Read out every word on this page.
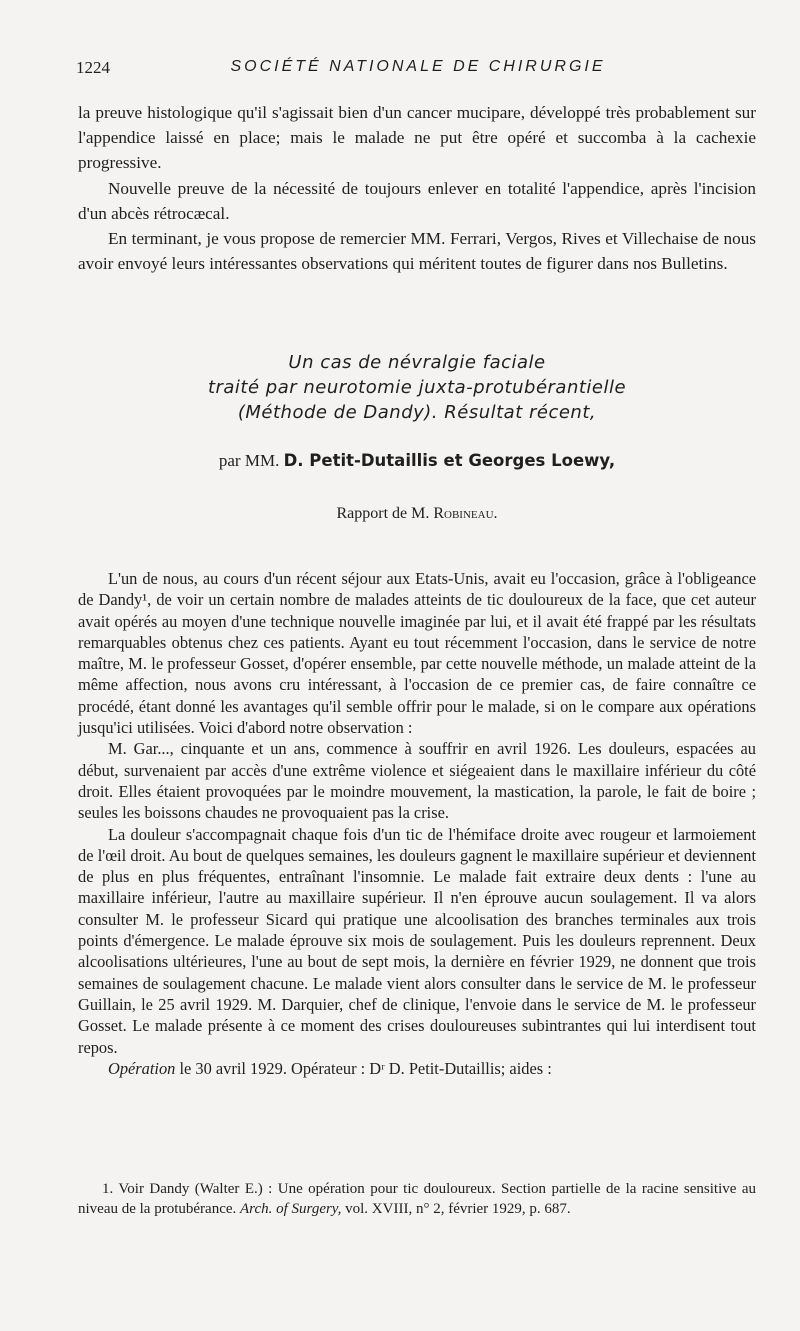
1224	SOCIÉTÉ NATIONALE DE CHIRURGIE

la preuve histologique qu'il s'agissait bien d'un cancer mucipare, développé très probablement sur l'appendice laissé en place; mais le malade ne put être opéré et succomba à la cachexie progressive.

Nouvelle preuve de la nécessité de toujours enlever en totalité l'appendice, après l'incision d'un abcès rétrocæcal.

En terminant, je vous propose de remercier MM. Ferrari, Vergos, Rives et Villechaise de nous avoir envoyé leurs intéressantes observations qui méritent toutes de figurer dans nos Bulletins.

Un cas de névralgie faciale
traité par neurotomie juxta-protubérantielle
(Méthode de Dandy). Résultat récent,
par MM. D. Petit-Dutaillis et Georges Loewy,
Rapport de M. Robineau.

L'un de nous, au cours d'un récent séjour aux Etats-Unis, avait eu l'occasion, grâce à l'obligeance de Dandy¹, de voir un certain nombre de malades atteints de tic douloureux de la face, que cet auteur avait opérés au moyen d'une technique nouvelle imaginée par lui, et il avait été frappé par les résultats remarquables obtenus chez ces patients. Ayant eu tout récemment l'occasion, dans le service de notre maître, M. le professeur Gosset, d'opérer ensemble, par cette nouvelle méthode, un malade atteint de la même affection, nous avons cru intéressant, à l'occasion de ce premier cas, de faire connaître ce procédé, étant donné les avantages qu'il semble offrir pour le malade, si on le compare aux opérations jusqu'ici utilisées. Voici d'abord notre observation :

M. Gar..., cinquante et un ans, commence à souffrir en avril 1926. Les douleurs, espacées au début, survenaient par accès d'une extrême violence et siégeaient dans le maxillaire inférieur du côté droit. Elles étaient provoquées par le moindre mouvement, la mastication, la parole, le fait de boire ; seules les boissons chaudes ne provoquaient pas la crise.

La douleur s'accompagnait chaque fois d'un tic de l'hémiface droite avec rougeur et larmoiement de l'œil droit. Au bout de quelques semaines, les douleurs gagnent le maxillaire supérieur et deviennent de plus en plus fréquentes, entraînant l'insomnie. Le malade fait extraire deux dents : l'une au maxillaire inférieur, l'autre au maxillaire supérieur. Il n'en éprouve aucun soulagement. Il va alors consulter M. le professeur Sicard qui pratique une alcoolisation des branches terminales aux trois points d'émergence. Le malade éprouve six mois de soulagement. Puis les douleurs reprennent. Deux alcoolisations ultérieures, l'une au bout de sept mois, la dernière en février 1929, ne donnent que trois semaines de soulagement chacune. Le malade vient alors consulter dans le service de M. le professeur Guillain, le 25 avril 1929. M. Darquier, chef de clinique, l'envoie dans le service de M. le professeur Gosset. Le malade présente à ce moment des crises douloureuses subintrantes qui lui interdisent tout repos.

Opération le 30 avril 1929. Opérateur : Dʳ D. Petit-Dutaillis; aides :

1. Voir Dandy (Walter E.) : Une opération pour tic douloureux. Section partielle de la racine sensitive au niveau de la protubérance. Arch. of Surgery, vol. XVIII, n° 2, février 1929, p. 687.
